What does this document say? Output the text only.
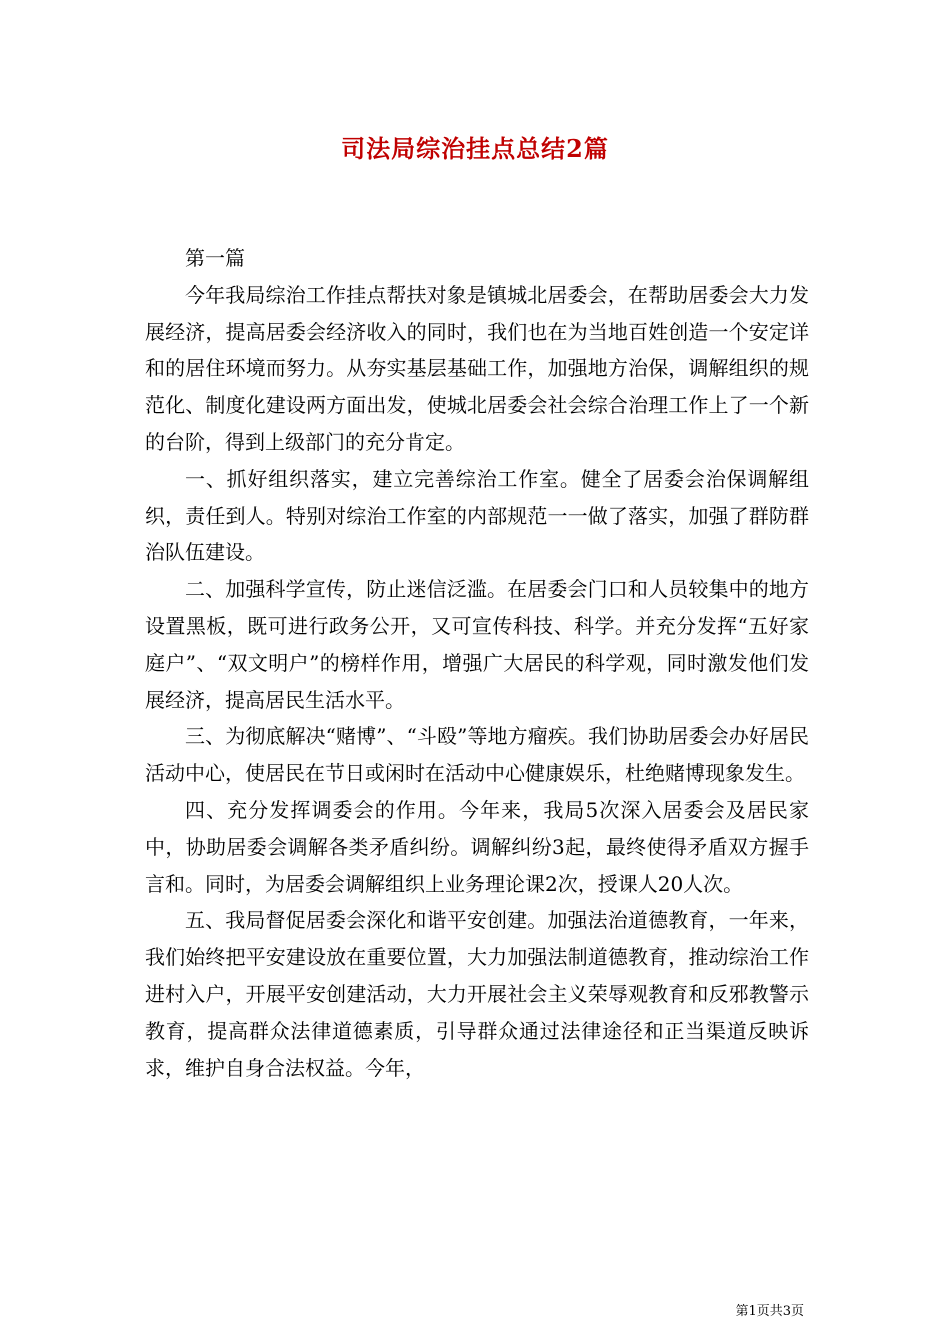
司法局综治挂点总结2篇

第一篇

今年我局综治工作挂点帮扶对象是镇城北居委会，在帮助居委会大力发展经济，提高居委会经济收入的同时，我们也在为当地百姓创造一个安定详和的居住环境而努力。从夯实基层基础工作，加强地方治保，调解组织的规范化、制度化建设两方面出发，使城北居委会社会综合治理工作上了一个新的台阶，得到上级部门的充分肯定。

一、抓好组织落实，建立完善综治工作室。健全了居委会治保调解组织，责任到人。特别对综治工作室的内部规范一一做了落实，加强了群防群治队伍建设。

二、加强科学宣传，防止迷信泛滥。在居委会门口和人员较集中的地方设置黑板，既可进行政务公开，又可宣传科技、科学。并充分发挥“五好家庭户”、“双文明户”的榜样作用，增强广大居民的科学观，同时激发他们发展经济，提高居民生活水平。

三、为彻底解决“赌博”、“斗殴”等地方瘤疾。我们协助居委会办好居民活动中心，使居民在节日或闲时在活动中心健康娱乐，杜绝赌博现象发生。

四、充分发挥调委会的作用。今年来，我局5次深入居委会及居民家中，协助居委会调解各类矛盾纠纷。调解纠纷3起，最终使得矛盾双方握手言和。同时，为居委会调解组织上业务理论课2次，授课人20人次。

五、我局督促居委会深化和谐平安创建。加强法治道德教育，一年来，我们始终把平安建设放在重要位置，大力加强法制道德教育，推动综治工作进村入户，开展平安创建活动，大力开展社会主义荣辱观教育和反邪教警示教育，提高群众法律道德素质，引导群众通过法律途径和正当渠道反映诉求，维护自身合法权益。今年，

第1页共3页
